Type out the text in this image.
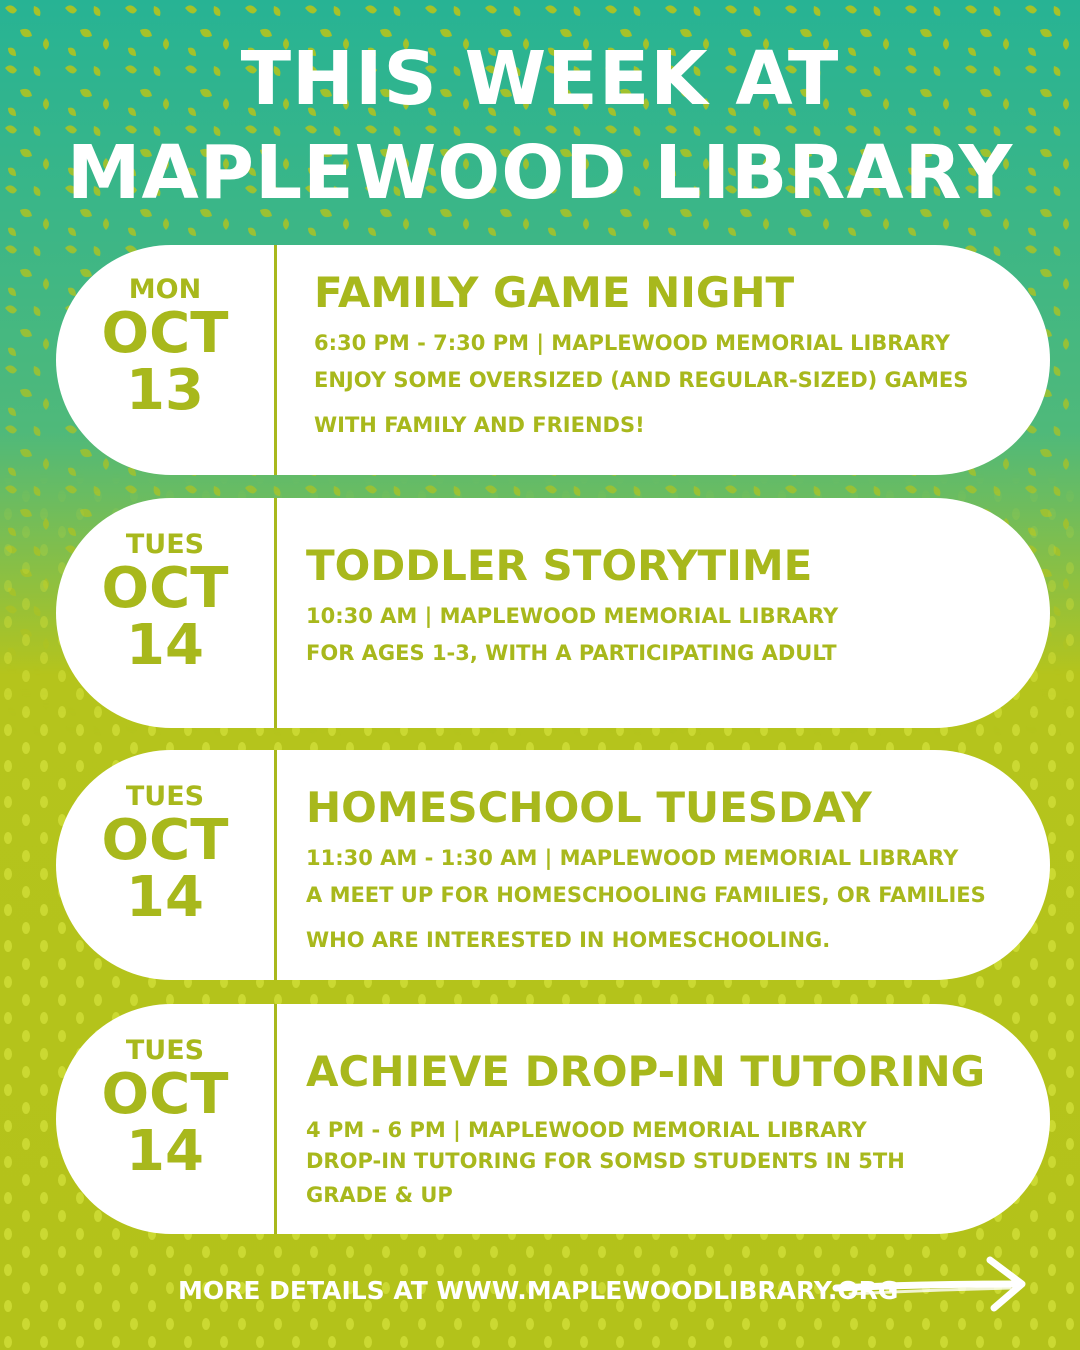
THIS WEEK AT
MAPLEWOOD LIBRARY
MON
OCT
13
FAMILY GAME NIGHT
6:30 PM - 7:30 PM | MAPLEWOOD MEMORIAL LIBRARY
ENJOY SOME OVERSIZED (AND REGULAR-SIZED) GAMES WITH FAMILY AND FRIENDS!
TUES
OCT
14
TODDLER STORYTIME
10:30 AM | MAPLEWOOD MEMORIAL LIBRARY
FOR AGES 1-3, WITH A PARTICIPATING ADULT
TUES
OCT
14
HOMESCHOOL TUESDAY
11:30 AM - 1:30 AM | MAPLEWOOD MEMORIAL LIBRARY
A MEET UP FOR HOMESCHOOLING FAMILIES, OR FAMILIES WHO ARE INTERESTED IN HOMESCHOOLING.
TUES
OCT
14
ACHIEVE DROP-IN TUTORING
4 PM - 6 PM | MAPLEWOOD MEMORIAL LIBRARY
DROP-IN TUTORING FOR SOMSD STUDENTS IN 5TH GRADE & UP
MORE DETAILS AT WWW.MAPLEWOODLIBRARY.ORG
